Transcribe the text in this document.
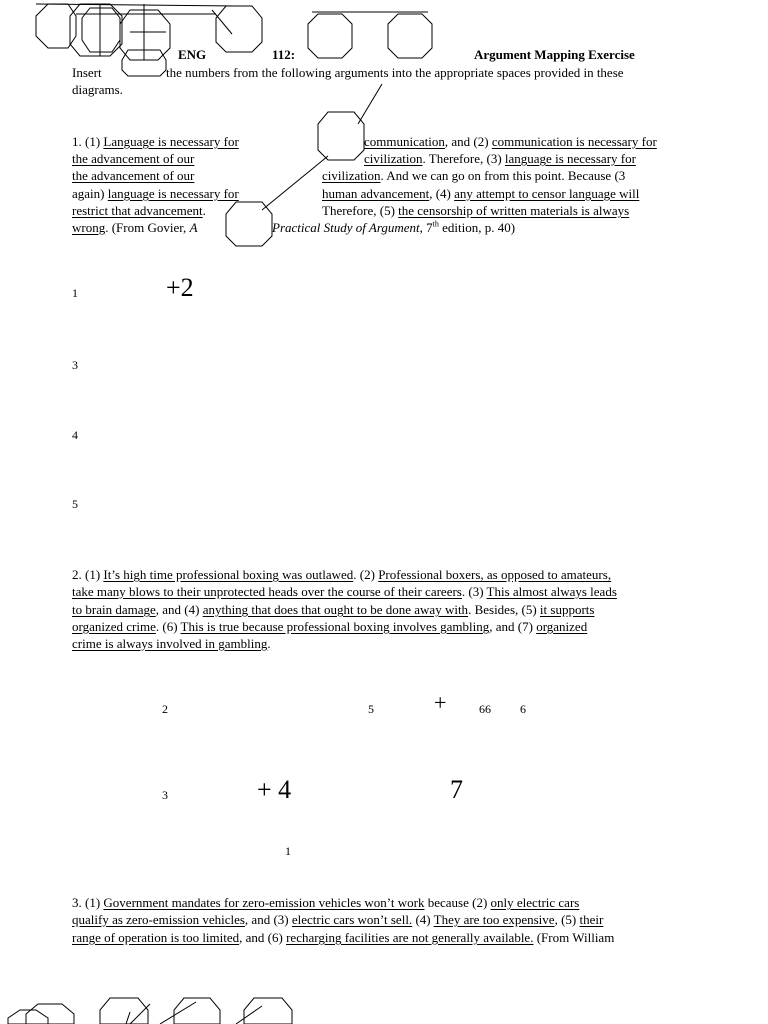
ENG	112:	Argument Mapping Exercise
Insert	the numbers from the following arguments into the appropriate spaces provided in these
diagrams.
1. (1) Language is necessary for	communication, and (2) communication is necessary for
the advancement of our	civilization. Therefore, (3) language is necessary for
the advancement of our	civilization. And we can go on from this point. Because (3
again) language is necessary for	human advancement, (4) any attempt to censor language will
restrict that advancement.	Therefore, (5) the censorship of written materials is always
wrong. (From Govier, A	Practical Study of Argument, 7th edition, p. 40)
1	+2
3
4
5
2. (1) It’s high time professional boxing was outlawed. (2) Professional boxers, as opposed to amateurs,
take many blows to their unprotected heads over the course of their careers. (3) This almost always leads
to brain damage, and (4) anything that does that ought to be done away with. Besides, (5) it supports
organized crime. (6) This is true because professional boxing involves gambling, and (7) organized
crime is always involved in gambling.
2	5	+	66 6
3	+ 4	7
1
3. (1) Government mandates for zero-emission vehicles won’t work because (2) only electric cars
qualify as zero-emission vehicles, and (3) electric cars won’t sell. (4) They are too expensive, (5) their
range of operation is too limited, and (6) recharging facilities are not generally available. (From William
